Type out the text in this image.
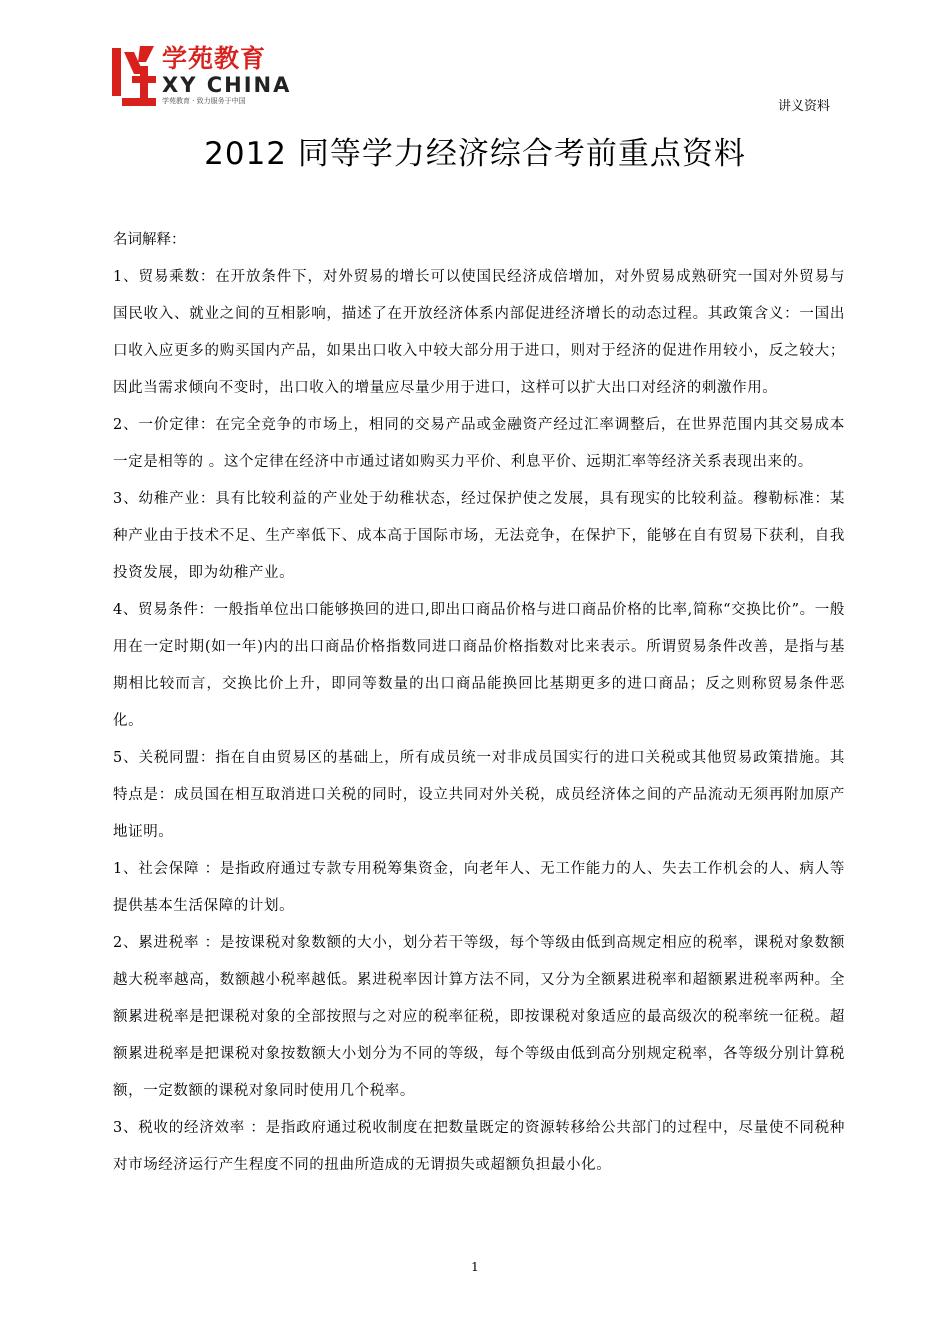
学苑教育
XY CHINA
学苑教育 · 致力服务于中国	讲义资料
2012 同等学力经济综合考前重点资料

名词解释：

1、贸易乘数：在开放条件下，对外贸易的增长可以使国民经济成倍增加，对外贸易成熟研究一国对外贸易与国民收入、就业之间的互相影响，描述了在开放经济体系内部促进经济增长的动态过程。其政策含义：一国出口收入应更多的购买国内产品，如果出口收入中较大部分用于进口，则对于经济的促进作用较小，反之较大；因此当需求倾向不变时，出口收入的增量应尽量少用于进口，这样可以扩大出口对经济的刺激作用。

2、一价定律：在完全竞争的市场上，相同的交易产品或金融资产经过汇率调整后，在世界范围内其交易成本一定是相等的 。这个定律在经济中市通过诸如购买力平价、利息平价、远期汇率等经济关系表现出来的。

3、幼稚产业：具有比较利益的产业处于幼稚状态，经过保护使之发展，具有现实的比较利益。穆勒标准：某种产业由于技术不足、生产率低下、成本高于国际市场，无法竞争，在保护下，能够在自有贸易下获利，自我投资发展，即为幼稚产业。

4、贸易条件：一般指单位出口能够换回的进口,即出口商品价格与进口商品价格的比率,简称“交换比价”。一般用在一定时期(如一年)内的出口商品价格指数同进口商品价格指数对比来表示。所谓贸易条件改善，是指与基期相比较而言，交换比价上升，即同等数量的出口商品能换回比基期更多的进口商品；反之则称贸易条件恶化。

5、关税同盟：指在自由贸易区的基础上，所有成员统一对非成员国实行的进口关税或其他贸易政策措施。其特点是：成员国在相互取消进口关税的同时，设立共同对外关税，成员经济体之间的产品流动无须再附加原产地证明。

1、社会保障 ：是指政府通过专款专用税筹集资金，向老年人、无工作能力的人、失去工作机会的人、病人等提供基本生活保障的计划。

2、累进税率 ：是按课税对象数额的大小，划分若干等级，每个等级由低到高规定相应的税率，课税对象数额越大税率越高，数额越小税率越低。累进税率因计算方法不同，又分为全额累进税率和超额累进税率两种。全额累进税率是把课税对象的全部按照与之对应的税率征税，即按课税对象适应的最高级次的税率统一征税。超额累进税率是把课税对象按数额大小划分为不同的等级，每个等级由低到高分别规定税率，各等级分别计算税额，一定数额的课税对象同时使用几个税率。

3、税收的经济效率 ：是指政府通过税收制度在把数量既定的资源转移给公共部门的过程中，尽量使不同税种对市场经济运行产生程度不同的扭曲所造成的无谓损失或超额负担最小化。

1
